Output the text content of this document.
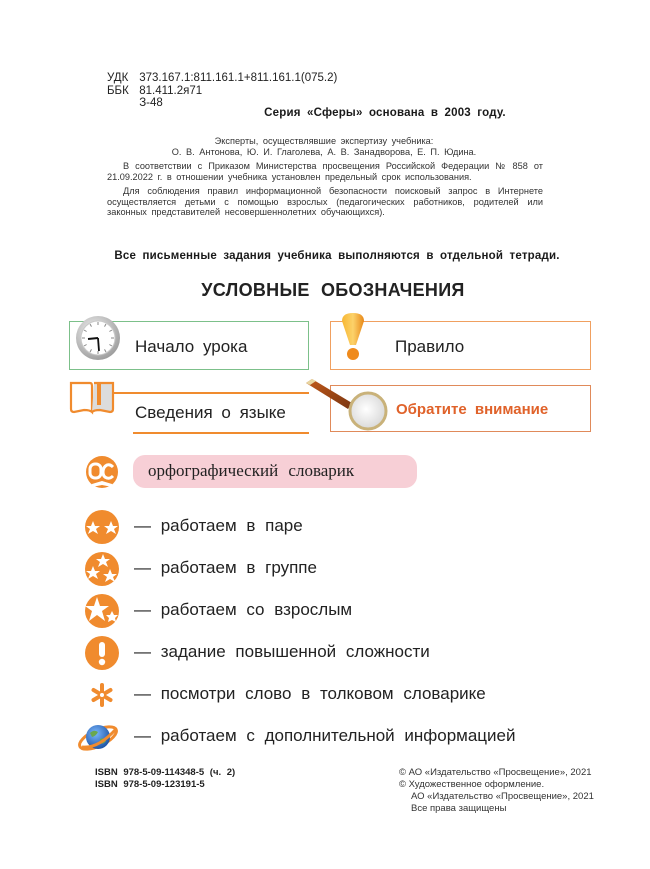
УДК 373.167.1:811.161.1+811.161.1(075.2)
ББК 81.411.2я71
З-48
Серия «Сферы» основана в 2003 году.
Эксперты, осуществлявшие экспертизу учебника:
О. В. Антонова, Ю. И. Глаголева, А. В. Занадворова, Е. П. Юдина.
В соответствии с Приказом Министерства просвещения Российской Федерации № 858 от 21.09.2022 г. в отношении учебника установлен предельный срок использования.
Для соблюдения правил информационной безопасности поисковый запрос в Интернете осуществляется детьми с помощью взрослых (педагогических работников, родителей или законных представителей несовершеннолетних обучающихся).
Все письменные задания учебника выполняются в отдельной тетради.
УСЛОВНЫЕ ОБОЗНАЧЕНИЯ
Начало урока	Правило
Сведения о языке	Обратите внимание
орфографический словарик
— работаем в паре
— работаем в группе
— работаем со взрослым
— задание повышенной сложности
— посмотри слово в толковом словарике
— работаем с дополнительной информацией
ISBN 978-5-09-114348-5 (ч. 2)
ISBN 978-5-09-123191-5
© АО «Издательство «Просвещение», 2021
© Художественное оформление.
АО «Издательство «Просвещение», 2021
Все права защищены
